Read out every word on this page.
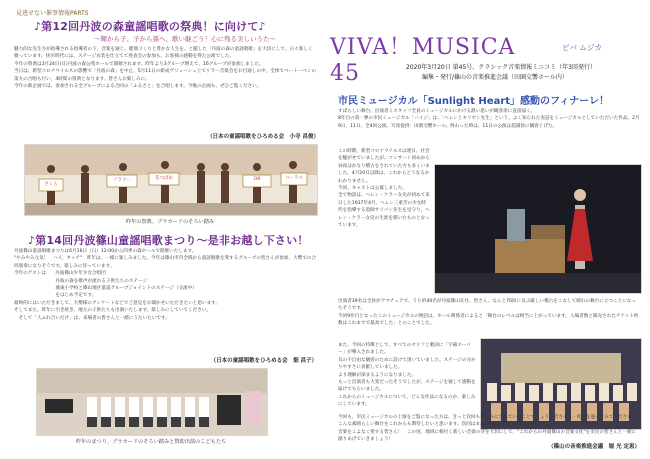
見逃せない催事情報PARTS
♪第12回丹波の森童謡唱歌の祭典！に向けて♪
～輝から子、子から孫へ、歌い継ごう！心に残る美しいうた～
魅力的な先生方が指導される指導者の下、音楽を通じ、健康づくりと豊かな人生を、と題した「丹波の森の童謡唱歌」を大切にして、日々楽しく歌っています。快歩時代には、ステージ衣装を仕立てて発表会の参加も、お客様の感動を得た公演でした。
今年の祭典は3月24日(日)丹波の森公苑ホールで開催されます。昨年より3グループ増えて、16グループが参加しました。
当日は、新型コロナウイルスの影響で「丹波の森」を中止、5月11日の新成ヴリューシュ上でリラー音楽会をお目通しの中、全体でベートーベンの第九の合唱も行い、4時間の祭典となります。皆さんお楽しみに。
今年の新企画では、参加される全グループによる合同の「ふるさと」を合唱します。今後の企画も、ぜひご覧ください。
（日本の童謡唱歌をひろめる会　小寺 昌俊）
さくら
フラワー	花つばめ	OB	コーラス
昨年の祭典、プラカードのそろい踏み
♪第14回丹波篠山童謡唱歌まつり～是非お越し下さい！
丹波篠山童謡唱歌まつりは6月16日（日）12:00から四季の森ホールで開催いたします。
"やみやみ元気！　ハイ、タッチ"　昨年は、一緒に楽しみました。今年は篠山市内全域から童謡唱歌を愛するグループの皆さんが参加、大勢での合同演奏になりそうです。楽しみに待っています。
今年のゲストは　　丹波篠山少年少女合唱団
　　　　　　　　　丹波の森を歌声が流れる子供たちのステージ
　　　　　　　　　城東小学校と篠山地区童謡グループジョイントのステージ（交流中）
　　　　　　　　　をはじめ予定です。
最終的にはいただきまして、大勢様のアンケートなどでご意見をお聞かせいただきたいと思います。
そしてまた、昨年に引き続き、地元の子供たちも出演いたします。楽しみにしていてください。
　そして「人ふれ合いだけ」は、来場者の皆さんと一緒にうたいたいです。
（日本の童謡唱歌をひろめる会　畑 昌子）
昨年のまつり、プラカードのそろい踏みと賛助出演のこどもたち
VIVA！MUSICA 45
ビバ ムジカ
2020年3月20日 第45号、クラシック音楽情報ミニコミ（年3回発行）
編集・発行/篠山の音楽推進会議（田園交響ホール内）
市民ミュージカル「Sunlight Heart」感動のフィナーレ！
すばらしい舞台。出演者ミスタッフ全員のミュージカルにかける熱い思いが観客席に直接届く。
8年目の第一弾の市民ミュージカル「ハイジ」は、「ヘレンとキリヤン先生」という、よく知られた実話をミュージカルとしていただいた作品。2月9日、11日、全4回公演。写真提供：田園交響ホール。終わった時は、11日の公演は超満員に観客上げた。
この時期、新型コロナウイルスは連日、社会を騒がせていましたが、コンサート初めから昼夜はかなり稽古をされていた方も多くいました。4月20日以降は、これからどうなるかわかりません。
今回、キャストは公募しました。
全て物語は、ヘレン・ケラー女史が初めて来日した1937年4月、ヘレン三重苦の少女時代を指導する恩師サリバン先生を見守り、ヘレン・ケラー女史の生涯を描いたものとなっています。
出演者39名は全員がアマチュアで、うち約40名が丹波篠山在住、皆さん、なんと70回に及ぶ厳しい稽古をこなして晴れの舞台に立つことになったそうです。
今回9作目となったこのミュージカルの物語は、ホール関係者によると「舞台のレベルは相当に上がっています。入場者数と販売されたチケット枚数はこれまでで最高でした」とのことでした。
また、今回の特徴として、すべてのセリフと歌詞に「字幕スーパー」が導入されました。
耳の不自由な観客のために設けて頂いていました。ステージの分かりやすさに貢献していました。
より理解が深まるようになりました。
もっと出演者も大変だったそうでしたが、ステージを通して感動を届けてもらいました。
これからのミュージカルについて、どんな作品になるのか、楽しみにしています。
今回も、市民ミュージカルの上演をご覧になった方は、きっと次回も楽しみにされていることでしょう。皆さんも一度足を運んでみてください。
こんな素晴らしい舞台をこれからも期待したいと思います。次回はまた1年後に予定されています。
音楽をこよなく愛する皆さん！　この度、地域に根付く新しい音楽の芽を大切にして、"これからの丹波篠山の音楽文化"を市民の皆さんと一緒に創りあげていきましょう！
（篠山の音楽推進会議　堀 光 定恵）
